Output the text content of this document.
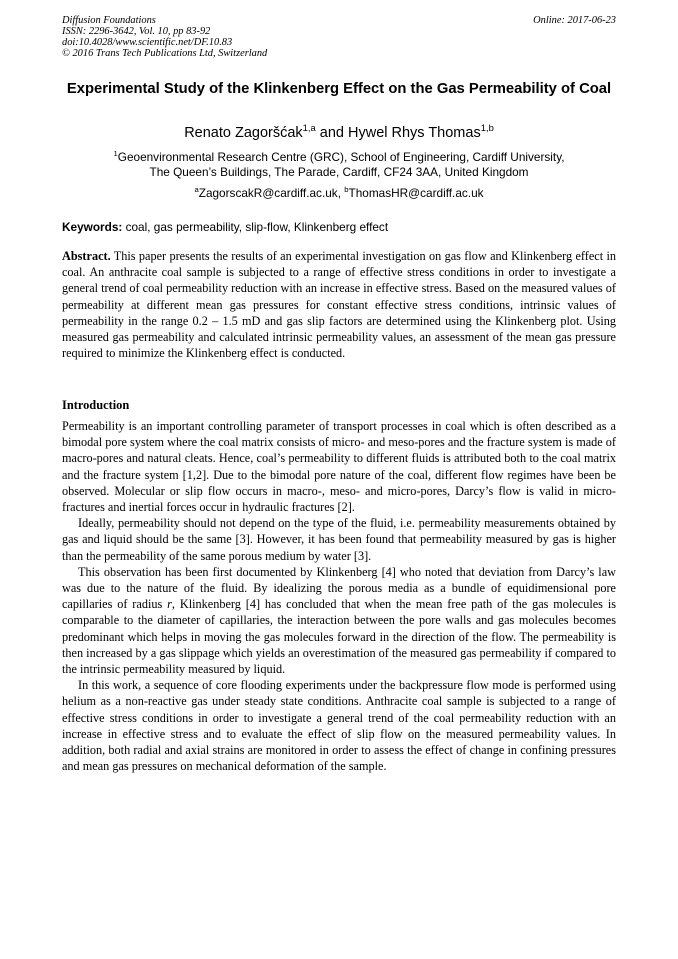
Diffusion Foundations
ISSN: 2296-3642, Vol. 10, pp 83-92
doi:10.4028/www.scientific.net/DF.10.83
© 2016 Trans Tech Publications Ltd, Switzerland
Online: 2017-06-23
Experimental Study of the Klinkenberg Effect on the Gas Permeability of Coal
Renato Zagoršćak$^{1,a}$ and Hywel Rhys Thomas$^{1,b}$
$^1$Geoenvironmental Research Centre (GRC), School of Engineering, Cardiff University,
The Queen’s Buildings, The Parade, Cardiff, CF24 3AA, United Kingdom
$^a$ZagorscakR@cardiff.ac.uk, $^b$ThomasHR@cardiff.ac.uk
Keywords: coal, gas permeability, slip-flow, Klinkenberg effect
Abstract. This paper presents the results of an experimental investigation on gas flow and Klinkenberg effect in coal. An anthracite coal sample is subjected to a range of effective stress conditions in order to investigate a general trend of coal permeability reduction with an increase in effective stress. Based on the measured values of permeability at different mean gas pressures for constant effective stress conditions, intrinsic values of permeability in the range 0.2 – 1.5 mD and gas slip factors are determined using the Klinkenberg plot. Using measured gas permeability and calculated intrinsic permeability values, an assessment of the mean gas pressure required to minimize the Klinkenberg effect is conducted.
Introduction

Permeability is an important controlling parameter of transport processes in coal which is often described as a bimodal pore system where the coal matrix consists of micro- and meso-pores and the fracture system is made of macro-pores and natural cleats. Hence, coal’s permeability to different fluids is attributed both to the coal matrix and the fracture system [1,2]. Due to the bimodal pore nature of the coal, different flow regimes have been be observed. Molecular or slip flow occurs in macro-, meso- and micro-pores, Darcy’s flow is valid in micro-fractures and inertial forces occur in hydraulic fractures [2].

Ideally, permeability should not depend on the type of the fluid, i.e. permeability measurements obtained by gas and liquid should be the same [3]. However, it has been found that permeability measured by gas is higher than the permeability of the same porous medium by water [3].

This observation has been first documented by Klinkenberg [4] who noted that deviation from Darcy’s law was due to the nature of the fluid. By idealizing the porous media as a bundle of equidimensional pore capillaries of radius r, Klinkenberg [4] has concluded that when the mean free path of the gas molecules is comparable to the diameter of capillaries, the interaction between the pore walls and gas molecules becomes predominant which helps in moving the gas molecules forward in the direction of the flow. The permeability is then increased by a gas slippage which yields an overestimation of the measured gas permeability if compared to the intrinsic permeability measured by liquid.

In this work, a sequence of core flooding experiments under the backpressure flow mode is performed using helium as a non-reactive gas under steady state conditions. Anthracite coal sample is subjected to a range of effective stress conditions in order to investigate a general trend of the coal permeability reduction with an increase in effective stress and to evaluate the effect of slip flow on the measured permeability values. In addition, both radial and axial strains are monitored in order to assess the effect of change in confining pressures and mean gas pressures on mechanical deformation of the sample.
